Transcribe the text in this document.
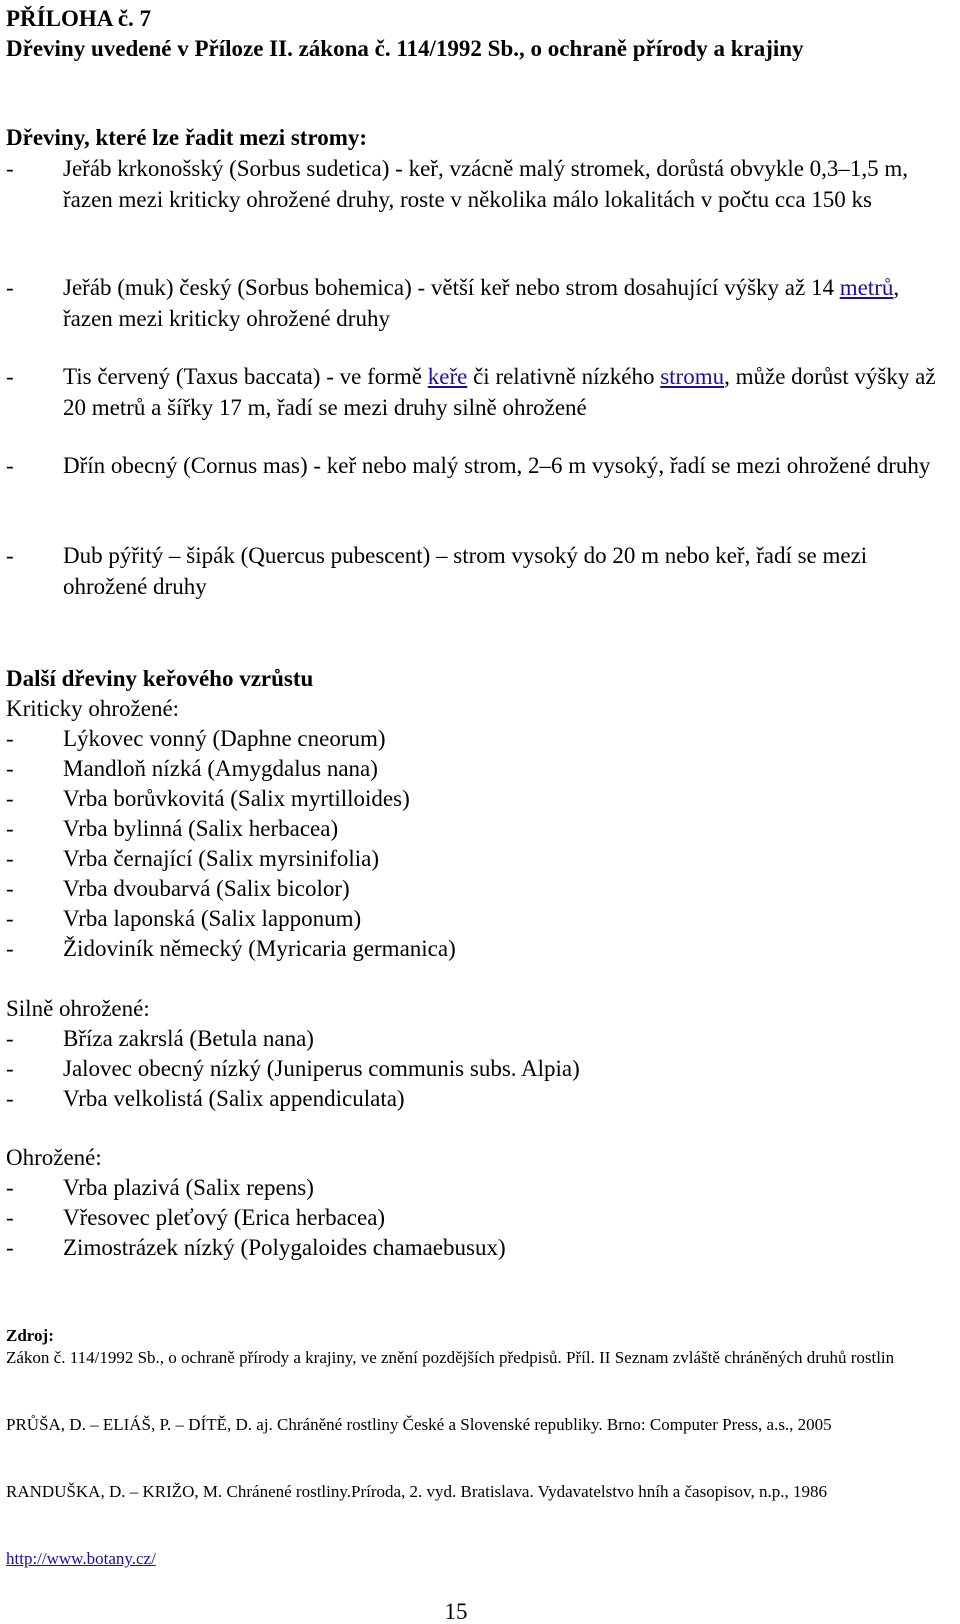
PŘÍLOHA č. 7
Dřeviny uvedené v Příloze II. zákona č. 114/1992 Sb., o ochraně přírody a krajiny
Dřeviny, které lze řadit mezi stromy:
- Jeřáb krkonošský (Sorbus sudetica) - keř, vzácně malý stromek, dorůstá obvykle 0,3–1,5 m, řazen mezi kriticky ohrožené druhy, roste v několika málo lokalitách v počtu cca 150 ks
- Jeřáb (muk) český (Sorbus bohemica) - větší keř nebo strom dosahující výšky až 14 metrů, řazen mezi kriticky ohrožené druhy
- Tis červený (Taxus baccata) - ve formě keře či relativně nízkého stromu, může dorůst výšky až 20 metrů a šířky 17 m, řadí se mezi druhy silně ohrožené
- Dřín obecný (Cornus mas) - keř nebo malý strom, 2–6 m vysoký, řadí se mezi ohrožené druhy
- Dub pýřitý – šipák (Quercus pubescent) – strom vysoký do 20 m nebo keř, řadí se mezi ohrožené druhy
Další dřeviny keřového vzrůstu
Kriticky ohrožené:
- Lýkovec vonný (Daphne cneorum)
- Mandloň nízká (Amygdalus nana)
- Vrba borůvkovitá (Salix myrtilloides)
- Vrba bylinná (Salix herbacea)
- Vrba černající (Salix myrsinifolia)
- Vrba dvoubarvá (Salix bicolor)
- Vrba laponská (Salix lapponum)
- Židoviník německý (Myricaria germanica)
Silně ohrožené:
- Bříza zakrslá (Betula nana)
- Jalovec obecný nízký (Juniperus communis subs. Alpia)
- Vrba velkolistá (Salix appendiculata)
Ohrožené:
- Vrba plazivá (Salix repens)
- Vřesovec pleťový (Erica herbacea)
- Zimostrázek nízký (Polygaloides chamaebusux)
Zdroj:
Zákon č. 114/1992 Sb., o ochraně přírody a krajiny, ve znění pozdějších předpisů. Příl. II Seznam zvláště chráněných druhů rostlin
PRŮŠA, D. – ELIÁŠ, P. – DÍTĚ, D. aj. Chráněné rostliny České a Slovenské republiky. Brno: Computer Press, a.s., 2005
RANDUŠKA, D. – KRIŽO, M. Chránené rostliny.Príroda, 2. vyd. Bratislava. Vydavatelstvo hníh a časopisov, n.p., 1986
http://www.botany.cz/
15
